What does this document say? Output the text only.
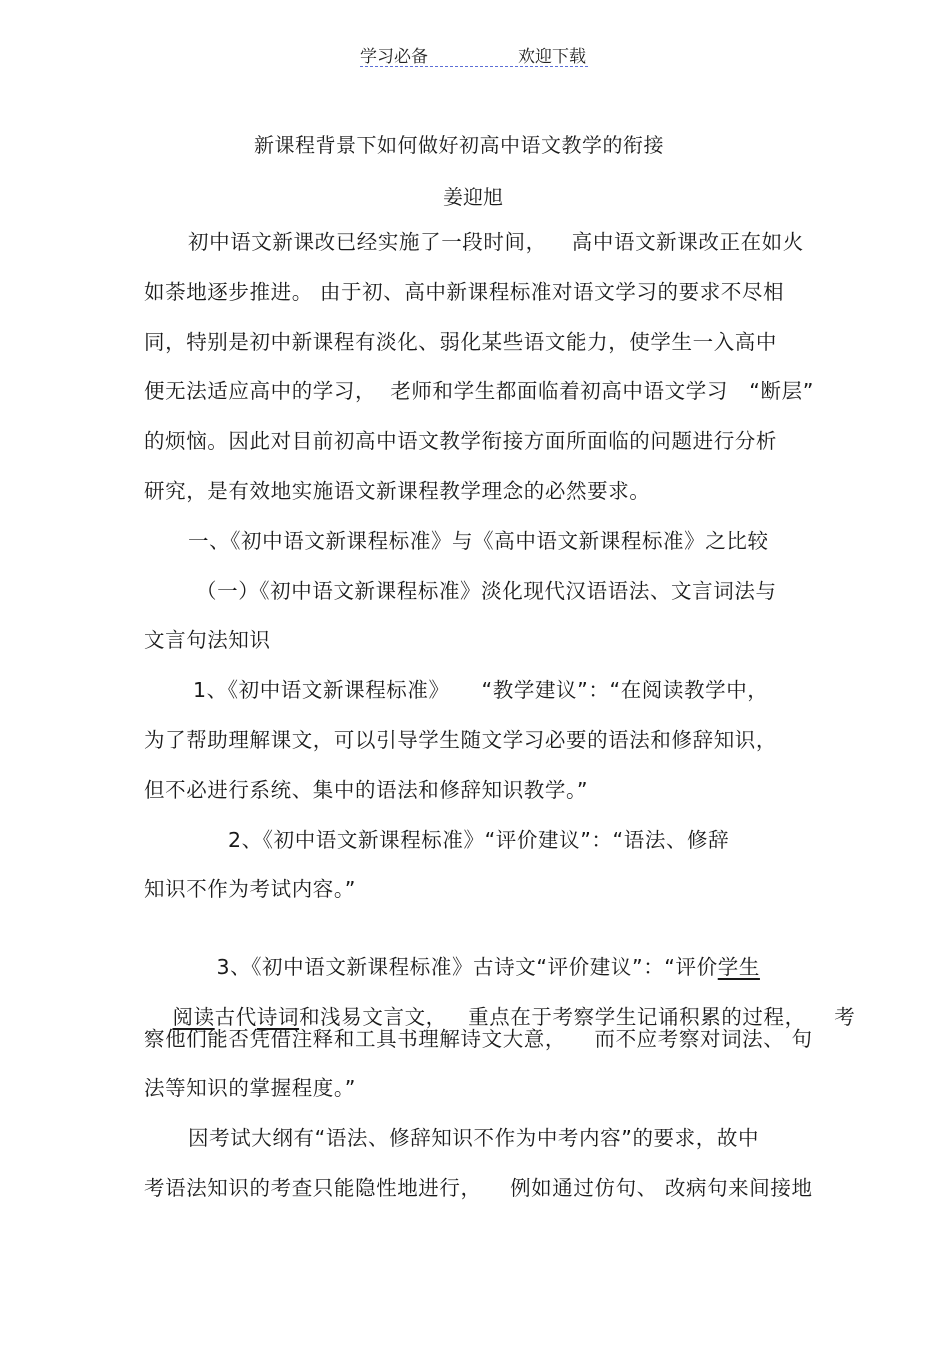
学习必备	欢迎下载
新课程背景下如何做好初高中语文教学的衔接
姜迎旭
初中语文新课改已经实施了一段时间，　  高中语文新课改正在如火
如荼地逐步推进。 由于初、高中新课程标准对语文学习的要求不尽相
同，特别是初中新课程有淡化、弱化某些语文能力，使学生一入高中
便无法适应高中的学习，  老师和学生都面临着初高中语文学习   “断层”
的烦恼。因此对目前初高中语文教学衔接方面所面临的问题进行分析
研究，是有效地实施语文新课程教学理念的必然要求。
一、《初中语文新课程标准》与《高中语文新课程标准》之比较
（一）《初中语文新课程标准》淡化现代汉语语法、文言词法与
文言句法知识
1、《初中语文新课程标准》　　“教学建议”：“在阅读教学中，
为了帮助理解课文，可以引导学生随文学习必要的语法和修辞知识，
但不必进行系统、集中的语法和修辞知识教学。”
2、《初中语文新课程标准》“评价建议”：“语法、修辞
知识不作为考试内容。”

3、《初中语文新课程标准》古诗文“评价建议”：“评价学生

阅读古代诗词和浅易文言文，   重点在于考察学生记诵积累的过程，    考

察他们能否凭借注释和工具书理解诗文大意，    而不应考察对词法、 句
法等知识的掌握程度。”
因考试大纲有“语法、修辞知识不作为中考内容”的要求，故中
考语法知识的考查只能隐性地进行，    例如通过仿句、 改病句来间接地
